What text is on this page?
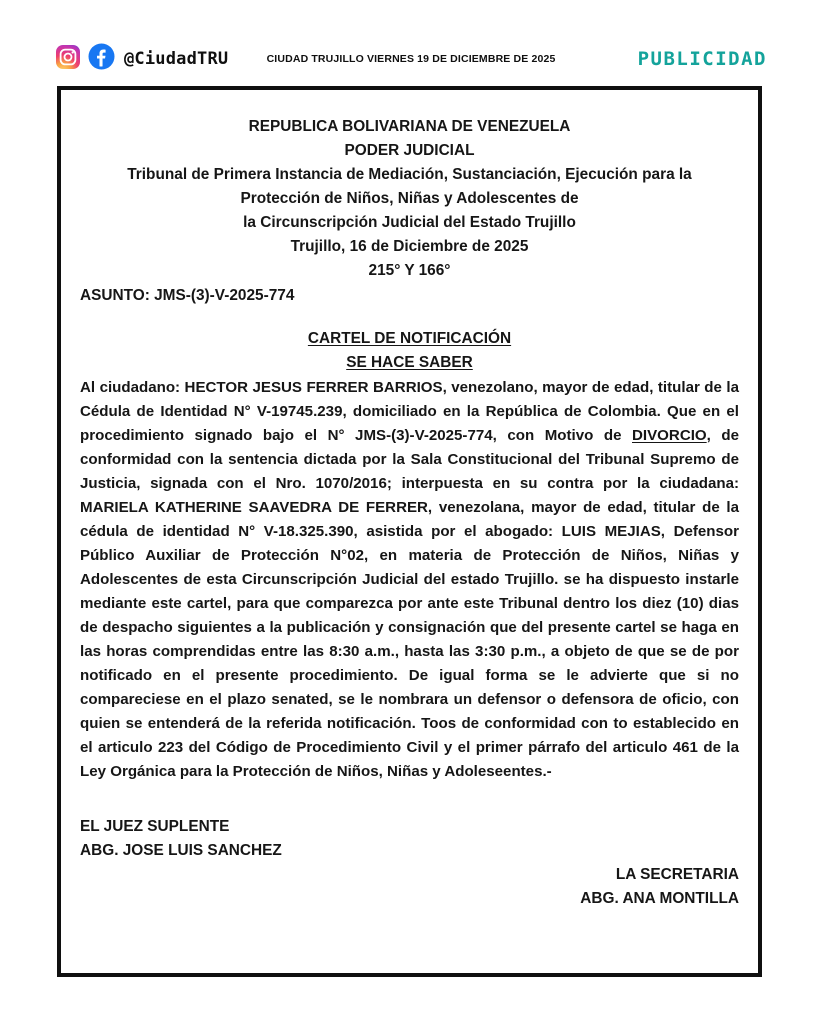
@CiudadTRU	CIUDAD TRUJILLO VIERNES 19 DE DICIEMBRE DE 2025	PUBLICIDAD
REPUBLICA BOLIVARIANA DE VENEZUELA
PODER JUDICIAL
Tribunal de Primera Instancia de Mediación, Sustanciación, Ejecución para la
Protección de Niños, Niñas y Adolescentes de
la Circunscripción Judicial del Estado Trujillo
Trujillo, 16 de Diciembre de 2025
215° Y 166°
ASUNTO: JMS-(3)-V-2025-774
CARTEL DE NOTIFICACIÓN
SE HACE SABER

Al ciudadano: HECTOR JESUS FERRER BARRIOS, venezolano, mayor de edad, titular de la Cédula de Identidad N° V-19745.239, domiciliado en la República de Colombia. Que en el procedimiento signado bajo el N° JMS-(3)-V-2025-774, con Motivo de DIVORCIO, de conformidad con la sentencia dictada por la Sala Constitucional del Tribunal Supremo de Justicia, signada con el Nro. 1070/2016; interpuesta en su contra por la ciudadana: MARIELA KATHERINE SAAVEDRA DE FERRER, venezolana, mayor de edad, titular de la cédula de identidad N° V-18.325.390, asistida por el abogado: LUIS MEJIAS, Defensor Público Auxiliar de Protección N°02, en materia de Protección de Niños, Niñas y Adolescentes de esta Circunscripción Judicial del estado Trujillo. se ha dispuesto instarle mediante este cartel, para que comparezca por ante este Tribunal dentro los diez (10) dias de despacho siguientes a la publicación y consignación que del presente cartel se haga en las horas comprendidas entre las 8:30 a.m., hasta las 3:30 p.m., a objeto de que se de por notificado en el presente procedimiento. De igual forma se le advierte que si no compareciese en el plazo senated, se le nombrara un defensor o defensora de oficio, con quien se entenderá de la referida notificación. Toos de conformidad con to establecido en el articulo 223 del Código de Procedimiento Civil y el primer párrafo del articulo 461 de la Ley Orgánica para la Protección de Niños, Niñas y Adoleseentes.-

EL JUEZ SUPLENTE
ABG. JOSE LUIS SANCHEZ
LA SECRETARIA
ABG. ANA MONTILLA
